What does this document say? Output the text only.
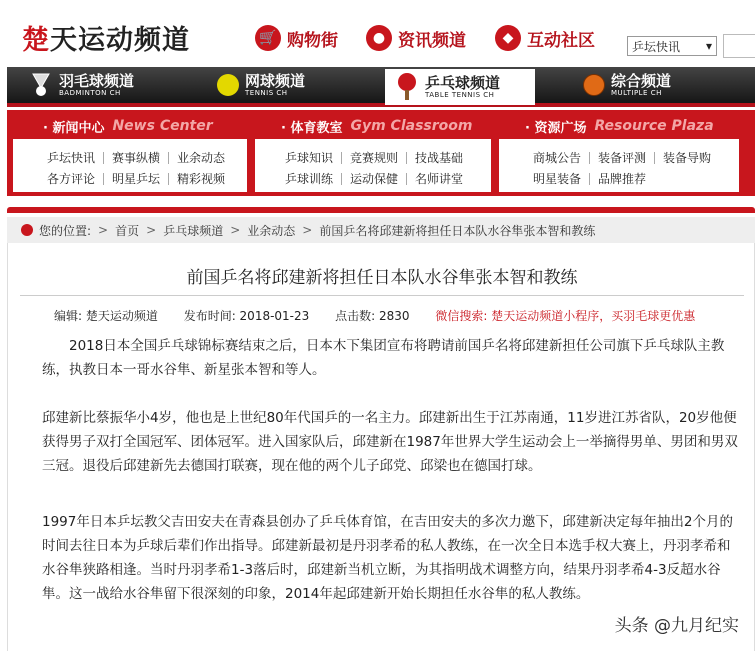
楚天运动频道	🛒 购物街	● 资讯频道	◆ 互动社区	乒坛快讯 ▾
羽毛球频道
BADMINTON CH
网球频道
TENNIS CH
乒乓球频道
TABLE TENNIS CH
综合频道
MULTIPLE CH
· 新闻中心 News Center
乒坛快讯	赛事纵横	业余动态
各方评论	明星乒坛	精彩视频
· 体育教室 Gym Classroom
乒球知识	竞赛规则	技战基础
乒球训练	运动保健	名师讲堂
· 资源广场 Resource Plaza
商城公告	装备评测	装备导购
明星装备	品牌推荐
您的位置: > 首页 > 乒乓球频道 > 业余动态 > 前国乒名将邱建新将担任日本队水谷隼张本智和教练
前国乒名将邱建新将担任日本队水谷隼张本智和教练
编辑: 楚天运动频道 发布时间: 2018-01-23 点击数: 2830 微信搜索: 楚天运动频道小程序，买羽毛球更优惠
2018日本全国乒乓球锦标赛结束之后，日本木下集团宣布将聘请前国乒名将邱建新担任公司旗下乒乓球队主教练，执教日本一哥水谷隼、新星张本智和等人。
邱建新比蔡振华小4岁，他也是上世纪80年代国乒的一名主力。邱建新出生于江苏南通，11岁进江苏省队，20岁他便获得男子双打全国冠军、团体冠军。进入国家队后，邱建新在1987年世界大学生运动会上一举摘得男单、男团和男双三冠。退役后邱建新先去德国打联赛，现在他的两个儿子邱党、邱梁也在德国打球。
1997年日本乒坛教父吉田安夫在青森县创办了乒乓体育馆，在吉田安夫的多次力邀下，邱建新决定每年抽出2个月的时间去往日本为乒球后辈们作出指导。邱建新最初是丹羽孝希的私人教练，在一次全日本选手权大赛上，丹羽孝希和水谷隼狭路相逢。当时丹羽孝希1-3落后时，邱建新当机立断，为其指明战术调整方向，结果丹羽孝希4-3反超水谷隼。这一战给水谷隼留下很深刻的印象，2014年起邱建新开始长期担任水谷隼的私人教练。
头条 @九月纪实
